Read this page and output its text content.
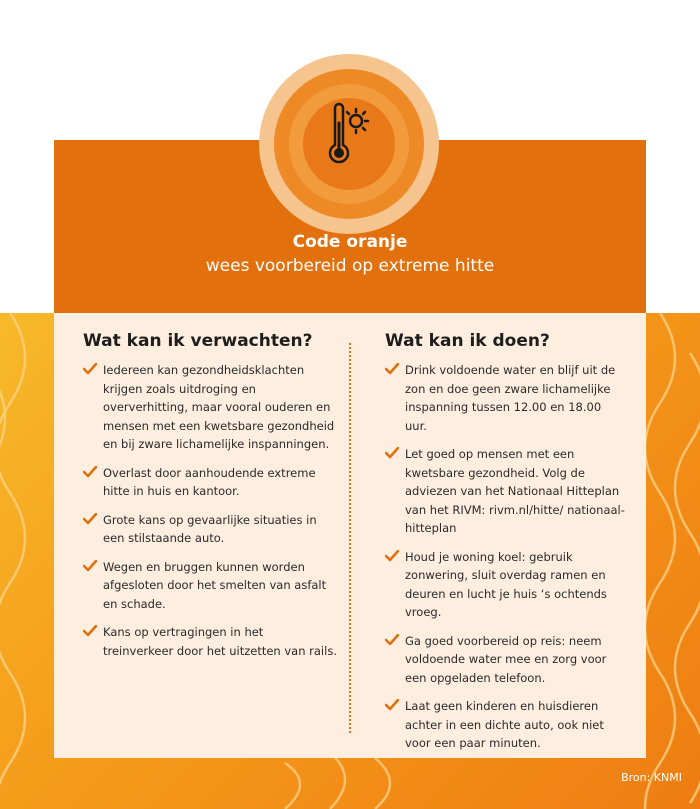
Code oranje
wees voorbereid op extreme hitte
Wat kan ik verwachten?
Iedereen kan gezondheidsklachten krijgen zoals uitdroging en oververhitting, maar vooral ouderen en mensen met een kwetsbare gezondheid en bij zware lichamelijke inspanningen.
Overlast door aanhoudende extreme hitte in huis en kantoor.
Grote kans op gevaarlijke situaties in een stilstaande auto.
Wegen en bruggen kunnen worden afgesloten door het smelten van asfalt en schade.
Kans op vertragingen in het treinverkeer door het uitzetten van rails.
Wat kan ik doen?
Drink voldoende water en blijf uit de zon en doe geen zware lichamelijke inspanning tussen 12.00 en 18.00 uur.
Let goed op mensen met een kwetsbare gezondheid. Volg de adviezen van het Nationaal Hitteplan van het RIVM: rivm.nl/hitte/ nationaal-hitteplan
Houd je woning koel: gebruik zonwering, sluit overdag ramen en deuren en lucht je huis ‘s ochtends vroeg.
Ga goed voorbereid op reis: neem voldoende water mee en zorg voor een opgeladen telefoon.
Laat geen kinderen en huisdieren achter in een dichte auto, ook niet voor een paar minuten.
Bron: KNMI
